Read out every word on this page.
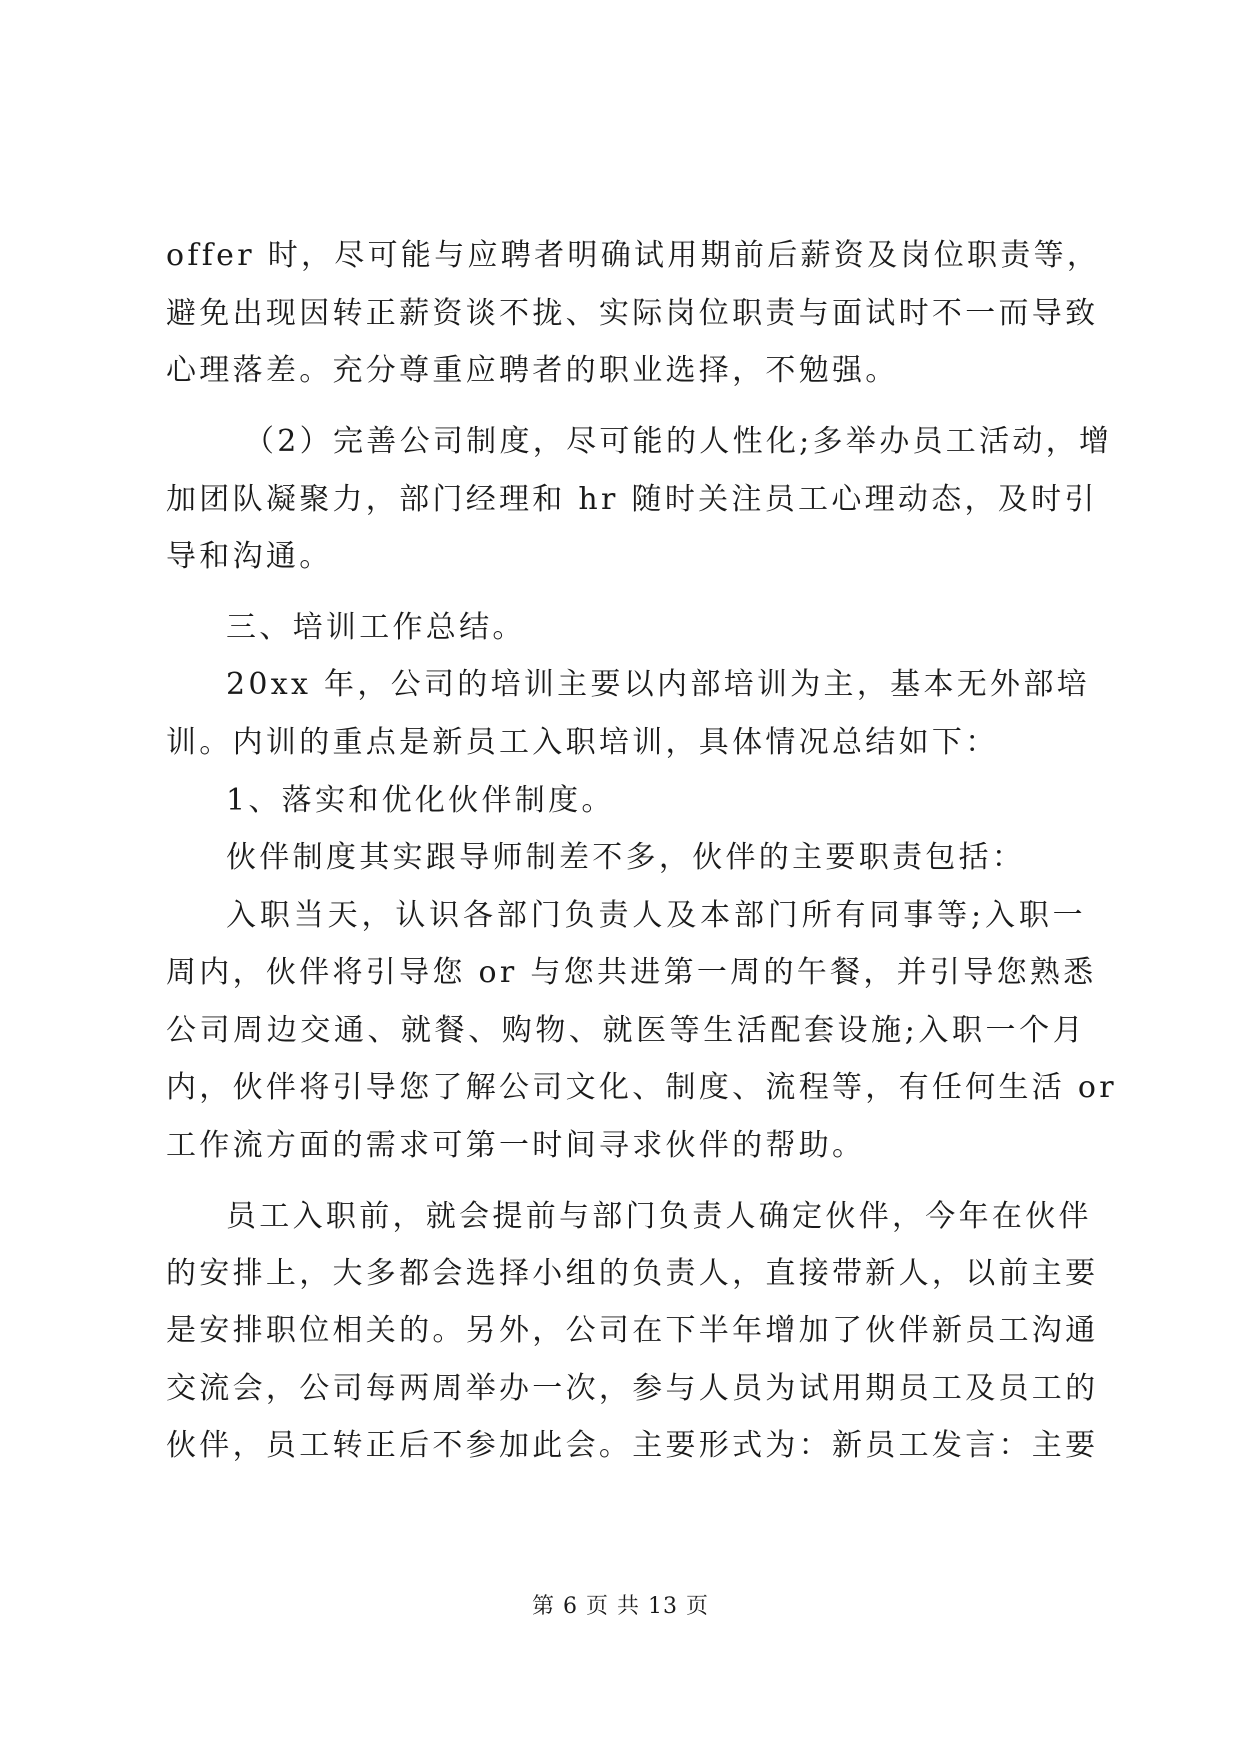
offer 时，尽可能与应聘者明确试用期前后薪资及岗位职责等，
避免出现因转正薪资谈不拢、实际岗位职责与面试时不一而导致
心理落差。充分尊重应聘者的职业选择，不勉强。
（2）完善公司制度，尽可能的人性化;多举办员工活动，增
加团队凝聚力，部门经理和 hr 随时关注员工心理动态，及时引
导和沟通。
三、培训工作总结。
20xx 年，公司的培训主要以内部培训为主，基本无外部培
训。内训的重点是新员工入职培训，具体情况总结如下：
1、落实和优化伙伴制度。
伙伴制度其实跟导师制差不多，伙伴的主要职责包括：
入职当天，认识各部门负责人及本部门所有同事等;入职一
周内，伙伴将引导您 or 与您共进第一周的午餐，并引导您熟悉
公司周边交通、就餐、购物、就医等生活配套设施;入职一个月
内，伙伴将引导您了解公司文化、制度、流程等，有任何生活 or
工作流方面的需求可第一时间寻求伙伴的帮助。
员工入职前，就会提前与部门负责人确定伙伴，今年在伙伴
的安排上，大多都会选择小组的负责人，直接带新人，以前主要
是安排职位相关的。另外，公司在下半年增加了伙伴新员工沟通
交流会，公司每两周举办一次，参与人员为试用期员工及员工的
伙伴，员工转正后不参加此会。主要形式为：新员工发言：主要
第 6 页 共 13 页
